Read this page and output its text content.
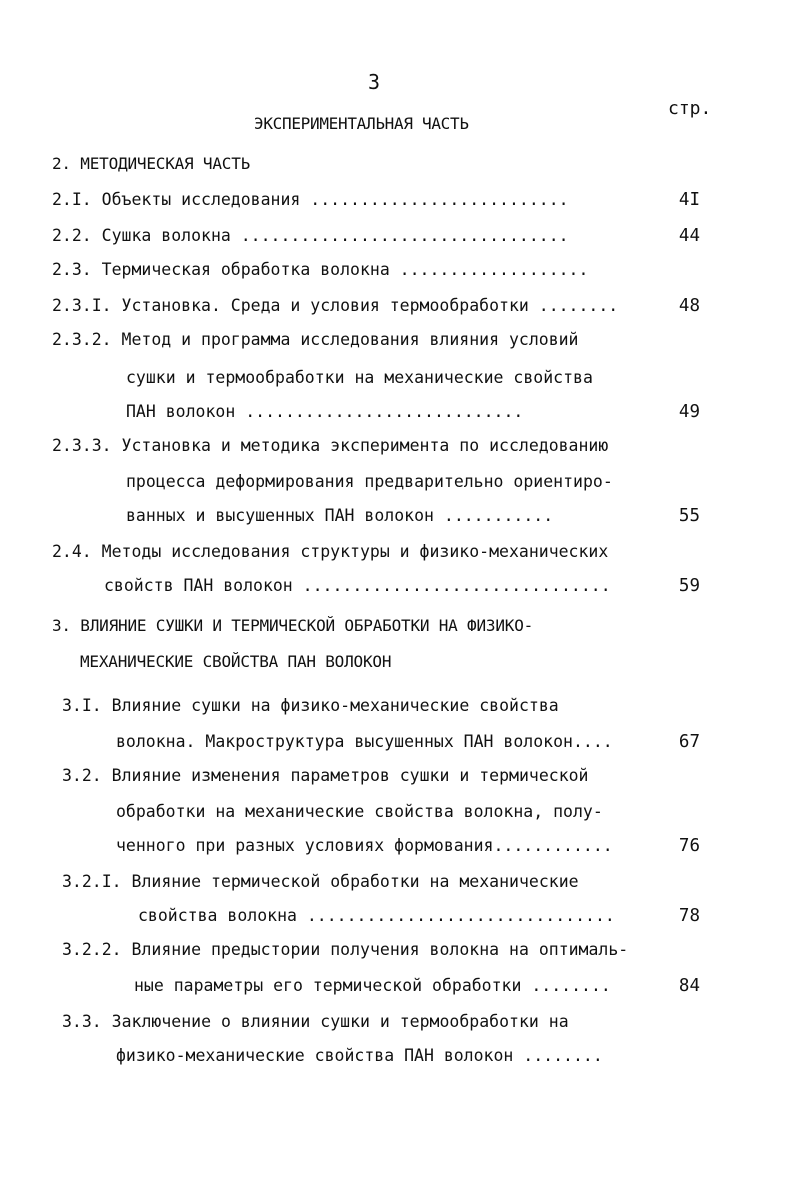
3
стр.
ЭКСПЕРИМЕНТАЛЬНАЯ ЧАСТЬ
2. МЕТОДИЧЕСКАЯ ЧАСТЬ
2.I. Объекты исследования ..........................	4I
2.2. Сушка волокна .................................	44
2.3. Термическая обработка волокна ...................
2.3.I. Установка. Среда и условия термообработки ........	48
2.3.2. Метод и программа исследования влияния условий
сушки и термообработки на механические свойства
ПАН волокон ............................	49
2.3.3. Установка и методика эксперимента по исследованию
процесса деформирования предварительно ориентиро-
ванных и высушенных ПАН волокон ...........	55
2.4. Методы исследования структуры и физико-механических
свойств ПАН волокон ...............................	59
3. ВЛИЯНИЕ СУШКИ И ТЕРМИЧЕСКОЙ ОБРАБОТКИ НА ФИЗИКО-
МЕХАНИЧЕСКИЕ СВОЙСТВА ПАН ВОЛОКОН
3.I. Влияние сушки на физико-механические свойства
волокна. Макроструктура высушенных ПАН волокон....	67
3.2. Влияние изменения параметров сушки и термической
обработки на механические свойства волокна, полу-
ченного при разных условиях формования............	76
3.2.I. Влияние термической обработки на механические
свойства волокна ...............................	78
3.2.2. Влияние предыстории получения волокна на оптималь-
ные параметры его термической обработки ........	84
3.3. Заключение о влиянии сушки и термообработки на
физико-механические свойства ПАН волокон ........
